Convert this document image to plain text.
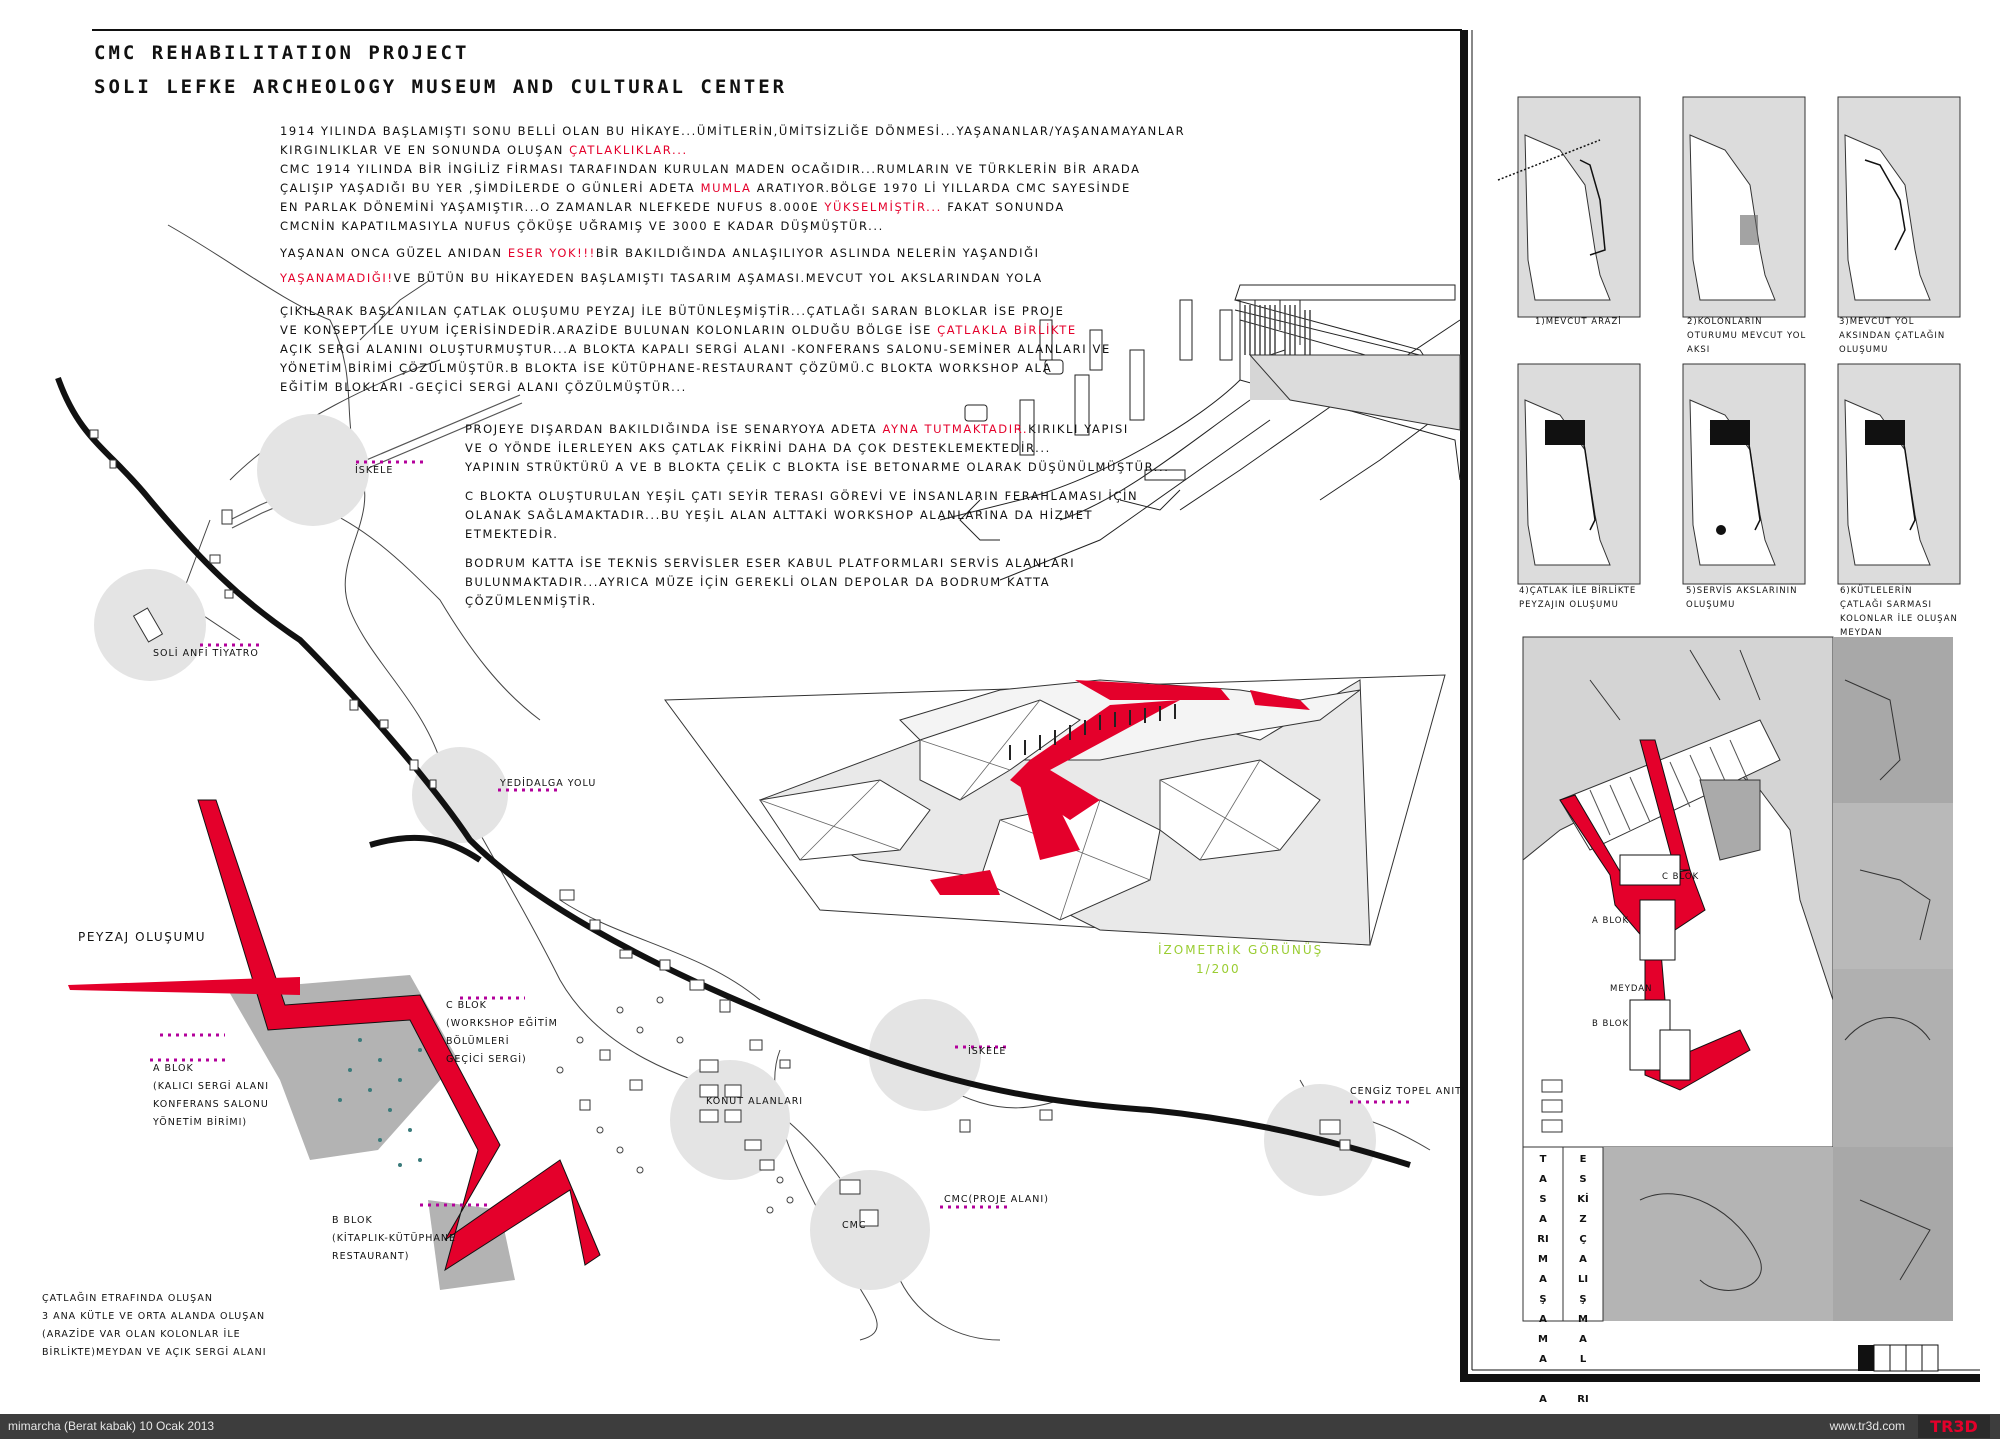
CMC REHABILITATION PROJECT
SOLI LEFKE ARCHEOLOGY MUSEUM AND CULTURAL CENTER

1914 YILINDA BAŞLAMIŞTI SONU BELLİ OLAN BU HİKAYE...ÜMİTLERİN,ÜMİTSİZLİĞE DÖNMESİ...YAŞANANLAR/YAŞANAMAYANLAR

KIRGINLIKLAR VE EN SONUNDA OLUŞAN ÇATLAKLIKLAR...

CMC 1914 YILINDA BİR İNGİLİZ FİRMASI TARAFINDAN KURULAN MADEN OCAĞIDIR...RUMLARIN VE TÜRKLERİN BİR ARADA

ÇALIŞIP YAŞADIĞI BU YER ,ŞİMDİLERDE O GÜNLERİ ADETA MUMLA ARATIYOR.BÖLGE 1970 Lİ YILLARDA CMC SAYESİNDE

EN PARLAK DÖNEMİNİ YAŞAMIŞTIR...O ZAMANLAR NLEFKEDE NUFUS 8.000E YÜKSELMİŞTİR... FAKAT SONUNDA

CMCNİN KAPATILMASIYLA NUFUS ÇÖKÜŞE UĞRAMIŞ VE 3000 E KADAR DÜŞMÜŞTÜR...

YAŞANAN ONCA GÜZEL ANIDAN ESER YOK!!!BİR BAKILDIĞINDA ANLAŞILIYOR ASLINDA NELERİN YAŞANDIĞI

YAŞANAMADIĞI!VE BÜTÜN BU HİKAYEDEN BAŞLAMIŞTI TASARIM AŞAMASI.MEVCUT YOL AKSLARINDAN YOLA

ÇIKILARAK BAŞLANILAN ÇATLAK OLUŞUMU PEYZAJ İLE BÜTÜNLEŞMİŞTİR...ÇATLAĞI SARAN BLOKLAR İSE PROJE

VE KONSEPT İLE UYUM İÇERİSİNDEDİR.ARAZİDE BULUNAN KOLONLARIN OLDUĞU BÖLGE İSE ÇATLAKLA BİRLİKTE

AÇIK SERGİ ALANINI OLUŞTURMUŞTUR...A BLOKTA KAPALI SERGİ ALANI -KONFERANS SALONU-SEMİNER ALANLARI VE

YÖNETİM BİRİMİ ÇÖZÜLMÜŞTÜR.B BLOKTA İSE KÜTÜPHANE-RESTAURANT ÇÖZÜMÜ.C BLOKTA WORKSHOP ALA

EĞİTİM BLOKLARI -GEÇİCİ SERGİ ALANI ÇÖZÜLMÜŞTÜR...

PROJEYE DIŞARDAN BAKILDIĞINDA İSE SENARYOYA ADETA AYNA TUTMAKTADIR.KIRIKLI YAPISI

VE O YÖNDE İLERLEYEN AKS ÇATLAK FİKRİNİ DAHA DA ÇOK DESTEKLEMEKTEDİR...

YAPININ STRÜKTÜRÜ A VE B BLOKTA ÇELİK C BLOKTA İSE BETONARME OLARAK DÜŞÜNÜLMÜŞTÜR...

C BLOKTA OLUŞTURULAN YEŞİL ÇATI SEYİR TERASI GÖREVİ VE İNSANLARIN FERAHLAMASI İÇİN

OLANAK SAĞLAMAKTADIR...BU YEŞİL ALAN ALTTAKİ WORKSHOP ALANLARINA DA HİZMET

ETMEKTEDİR.

BODRUM KATTA İSE TEKNİS SERVİSLER ESER KABUL PLATFORMLARI SERVİS ALANLARI

BULUNMAKTADIR...AYRICA MÜZE İÇİN GEREKLİ OLAN DEPOLAR DA BODRUM KATTA

ÇÖZÜMLENMİŞTİR.

İSKELE
SOLİ ANFİ TİYATRO
YEDİDALGA YOLU
İSKELE
CENGİZ TOPEL ANITI
KONUT ALANLARI
CMC(PROJE ALANI)
CMC
PEYZAJ OLUŞUMU
C BLOK
(WORKSHOP EĞİTİM
BÖLÜMLERİ
GEÇİCİ SERGİ)
A BLOK
(KALICI SERGİ ALANI
KONFERANS SALONU
YÖNETİM BİRİMI)
B BLOK
(KİTAPLIK-KÜTÜPHANE
RESTAURANT)
ÇATLAĞIN ETRAFINDA OLUŞAN
3 ANA KÜTLE VE ORTA ALANDA OLUŞAN
(ARAZİDE VAR OLAN KOLONLAR İLE
BİRLİKTE)MEYDAN VE AÇIK SERGİ ALANI
İZOMETRİK GÖRÜNÜŞ
1/200
1)MEVCUT ARAZİ	2)KOLONLARIN
OTURUMU MEVCUT YOL
AKSI
3)MEVCUT YOL
AKSINDAN ÇATLAĞIN
OLUŞUMU
4)ÇATLAK İLE BİRLİKTE
PEYZAJIN OLUŞUMU
5)SERVİS AKSLARININ
OLUŞUMU
6)KÜTLELERİN
ÇATLAĞI SARMASI
KOLONLAR İLE OLUŞAN
MEYDAN
C BLOK
A BLOK
MEYDAN
B BLOK
TASARIM AŞAMALA
ESKİZ ÇALIŞMALARI
mimarcha (Berat kabak) 10 Ocak 2013	www.tr3d.com TR3D
